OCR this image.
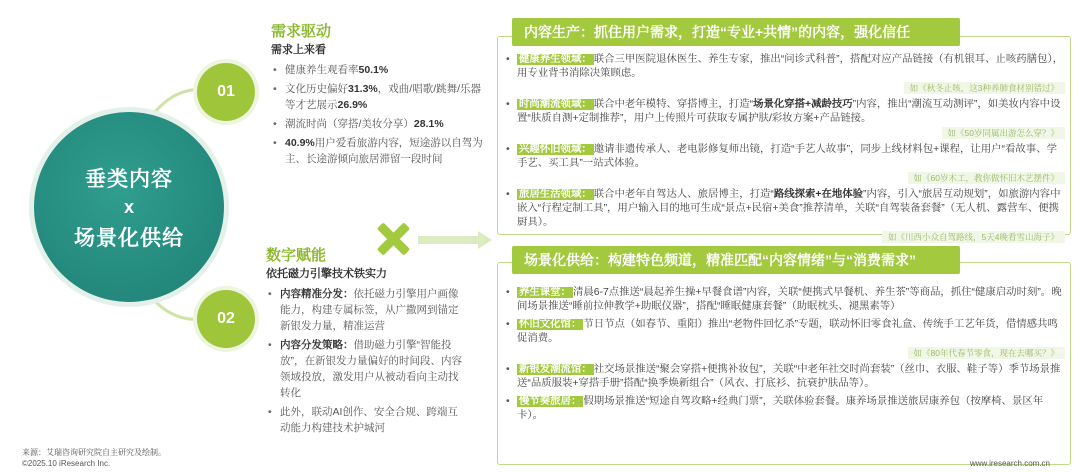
垂类内容
x
场景化供给
01
02
需求驱动
需求上来看
• 健康养生观看率50.1%
• 文化历史偏好31.3%，戏曲/唱歌/跳舞/乐器等才艺展示26.9%
• 潮流时尚（穿搭/美妆分享）28.1%
• 40.9%用户爱看旅游内容，短途游以自驾为主、长途游倾向旅居滞留一段时间
数字赋能
依托磁力引擎技术铁实力
• 内容精准分发：依托磁力引擎用户画像能力，构建专属标签，从广撒网到锚定新银发力量，精准运营
• 内容分发策略：借助磁力引擎“智能投放”，在新银发力量偏好的时间段、内容领域投放，激发用户从被动看向主动找转化
• 此外，联动AI创作、安全合规、跨端互动能力构建技术护城河
内容生产：抓住用户需求，打造“专业+共情”的内容，强化信任
• 健康养生领域： 联合三甲医院退休医生、养生专家，推出“问诊式科普”，搭配对应产品链接（有机银耳、止咳药膳包），用专业背书消除决策顾虑。
如《秋冬止咳，这3种养肺食材别错过》
• 时尚潮流领域： 联合中老年模特、穿搭博主，打造“场景化穿搭+减龄技巧”内容，推出“潮流互动测评”，如美妆内容中设置“肤质自测+定制推荐”，用户上传照片可获取专属护肤/彩妆方案+产品链接。
如《50岁同属出游怎么穿？》
• 兴趣怀旧领域： 邀请非遗传承人、老电影修复师出镜，打造“手艺人故事”，同步上线材料包+课程，让用户“看故事、学手艺、买工具”一站式体验。
如《60岁木工，教你做怀旧木艺摆件》
• 旅居生活领域： 联合中老年自驾达人、旅居博主，打造“路线探索+在地体验”内容，引入“旅居互动规划”，如旅游内容中嵌入“行程定制工具”，用户输入目的地可生成“景点+民宿+美食”推荐清单，关联“自驾装备套餐”（无人机、露营车、便携厨具）。
如《川西小众自驾路线，5天4晚看雪山海子》
场景化供给：构建特色频道，精准匹配“内容情绪”与“消费需求”
• 养生课堂： 清晨6-7点推送“晨起养生操+早餐食谱”内容，关联“便携式早餐机、养生茶”等商品，抓住“健康启动时刻”。晚间场景推送“睡前拉伸教学+助眠仪器”，搭配“睡眠健康套餐”（助眠枕头、褪黑素等）
• 怀旧文化馆： 节日节点（如春节、重阳）推出“老物件回忆杀”专题，联动怀旧零食礼盒、传统手工艺年货，借情感共鸣促消费。
如《80年代春节零食，现在去哪买？》
• 新银发潮流馆： 社交场景推送“聚会穿搭+便携补妆包”，关联“中老年社交时尚套装”（丝巾、衣服、鞋子等）季节场景推送“品质服装+穿搭手册”搭配“换季焕新组合”（风衣、打底衫、抗衰护肤品等）。
• 慢节奏旅居： 假期场景推送“短途自驾攻略+经典门票”，关联体验套餐。康养场景推送旅居康养包（按摩椅、景区年卡）。
来源：艾瑞咨询研究院自主研究及绘制。
©2025.10 iResearch Inc.	www.iresearch.com.cn
